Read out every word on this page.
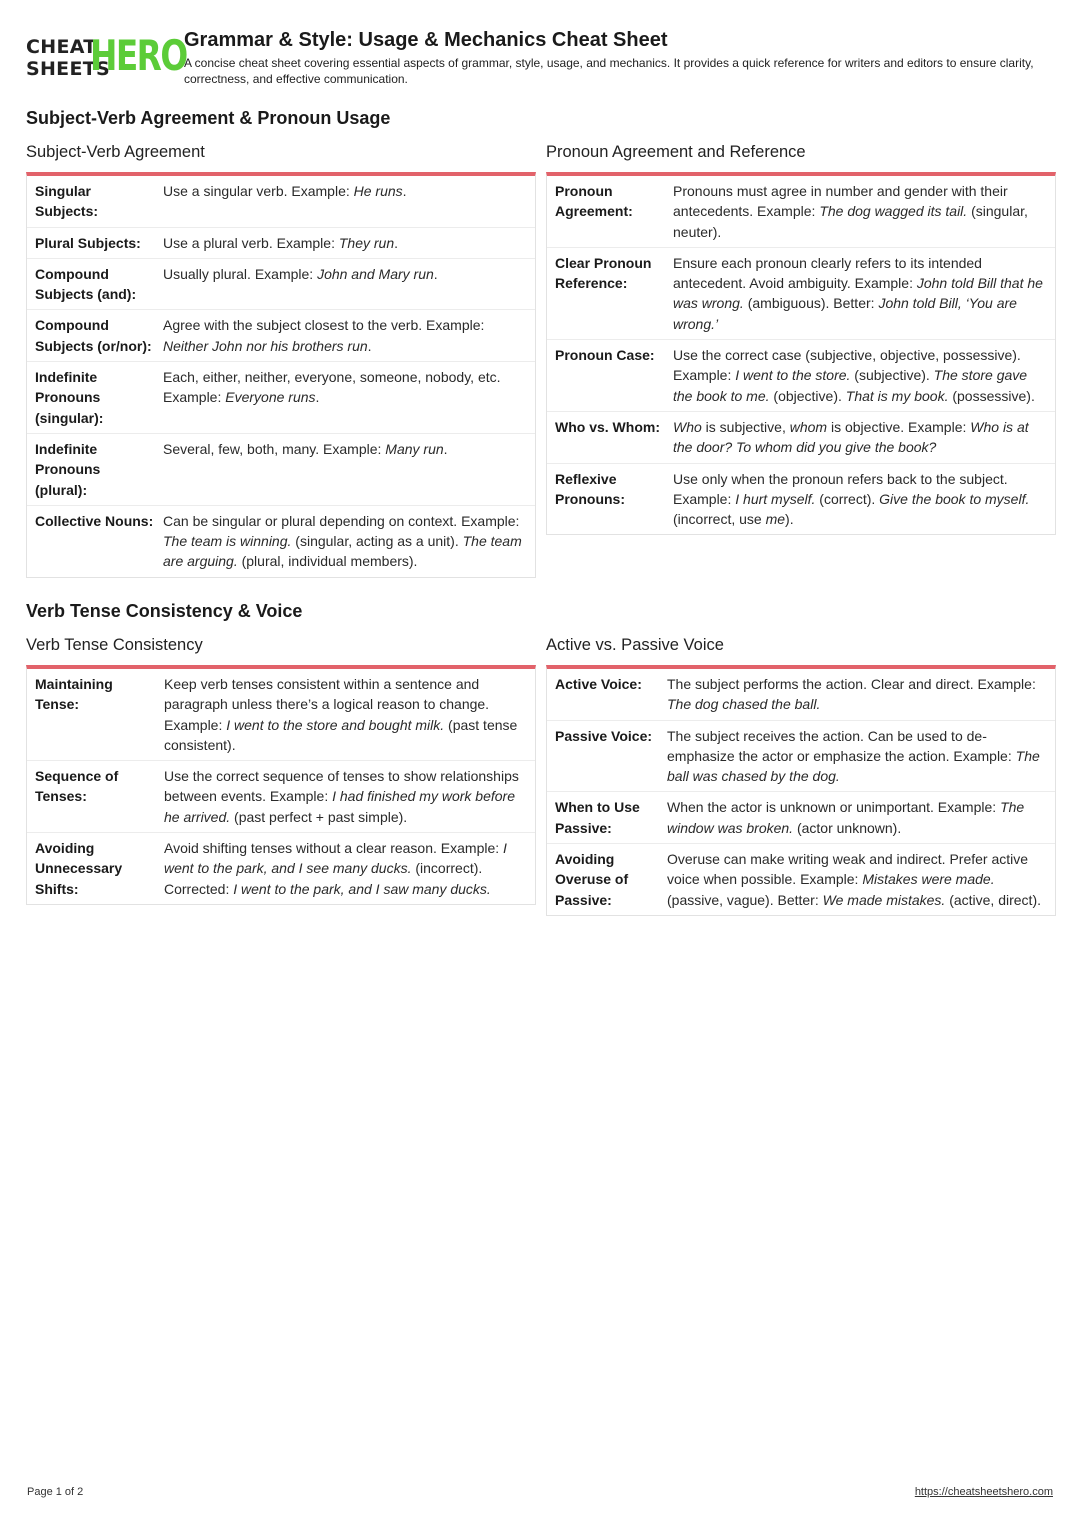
CHEAT
SHEETS
HERO
Grammar & Style: Usage & Mechanics Cheat Sheet
A concise cheat sheet covering essential aspects of grammar, style, usage, and mechanics. It provides a quick reference for writers and editors to ensure clarity, correctness, and effective communication.
Subject-Verb Agreement & Pronoun Usage
Subject-Verb Agreement	Pronoun Agreement and Reference
Singular Subjects:
Use a singular verb. Example: He runs.
Plural Subjects:	Use a plural verb. Example: They run.
Compound Subjects (and):
Usually plural. Example: John and Mary run.
Compound Subjects (or/nor):
Agree with the subject closest to the verb. Example: Neither John nor his brothers run.
Indefinite Pronouns (singular):
Each, either, neither, everyone, someone, nobody, etc. Example: Everyone runs.
Indefinite Pronouns (plural):
Several, few, both, many. Example: Many run.
Collective Nouns: Can be singular or plural depending on context. Example: The team is winning. (singular, acting as a unit). The team are arguing. (plural, individual members).
Pronoun Agreement:
Pronouns must agree in number and gender with their antecedents. Example: The dog wagged its tail. (singular, neuter).
Clear Pronoun Reference:
Ensure each pronoun clearly refers to its intended antecedent. Avoid ambiguity. Example: John told Bill that he was wrong. (ambiguous). Better: John told Bill, ‘You are wrong.’
Pronoun Case:	Use the correct case (subjective, objective, possessive). Example: I went to the store. (subjective). The store gave the book to me. (objective). That is my book. (possessive).
Who vs. Whom: Who is subjective, whom is objective. Example: Who is at the door? To whom did you give the book?
Reflexive Pronouns:
Use only when the pronoun refers back to the subject. Example: I hurt myself. (correct). Give the book to myself. (incorrect, use me).
Verb Tense Consistency & Voice
Verb Tense Consistency	Active vs. Passive Voice
Maintaining Tense:
Keep verb tenses consistent within a sentence and paragraph unless there’s a logical reason to change. Example: I went to the store and bought milk. (past tense consistent).
Sequence of Tenses:
Use the correct sequence of tenses to show relationships between events. Example: I had finished my work before he arrived. (past perfect + past simple).
Avoiding Unnecessary Shifts:
Avoid shifting tenses without a clear reason. Example: I went to the park, and I see many ducks. (incorrect). Corrected: I went to the park, and I saw many ducks.
Active Voice:	The subject performs the action. Clear and direct. Example: The dog chased the ball.
Passive Voice:	The subject receives the action. Can be used to de-emphasize the actor or emphasize the action. Example: The ball was chased by the dog.
When to Use Passive:
When the actor is unknown or unimportant. Example: The window was broken. (actor unknown).
Avoiding Overuse of Passive:
Overuse can make writing weak and indirect. Prefer active voice when possible. Example: Mistakes were made. (passive, vague). Better: We made mistakes. (active, direct).
Page 1 of 2	https://cheatsheetshero.com
